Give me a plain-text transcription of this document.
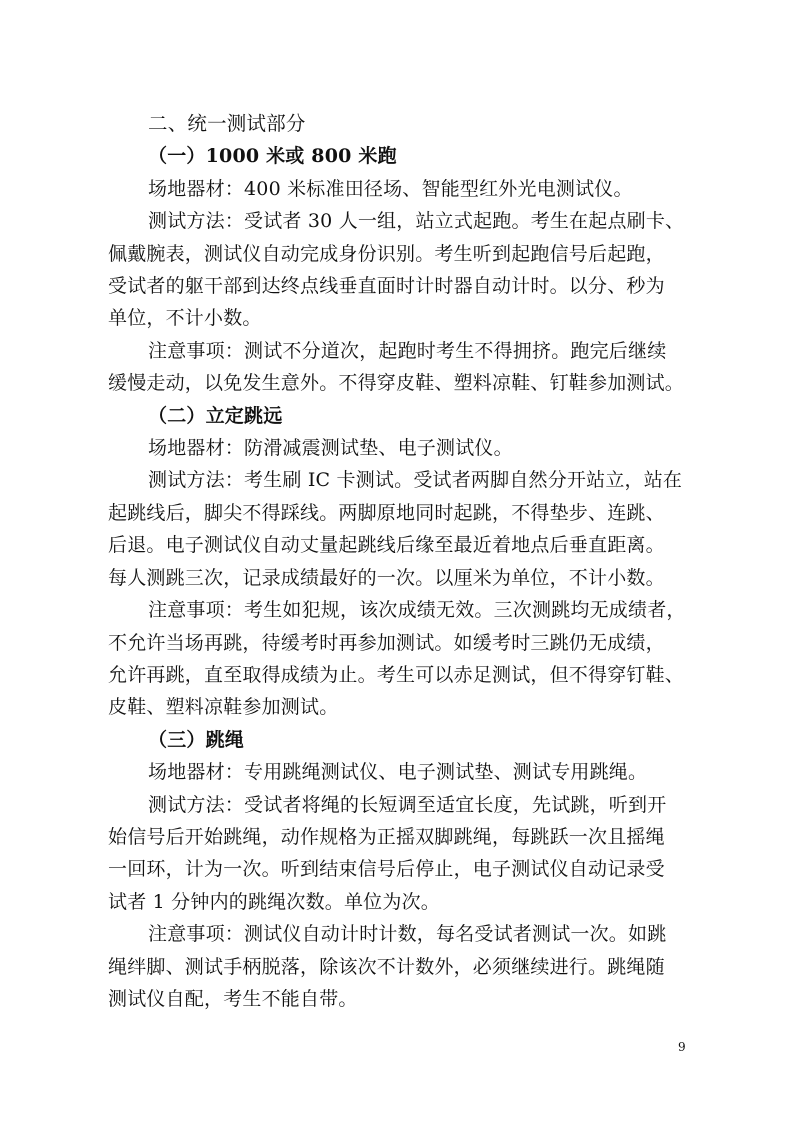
二、统一测试部分
（一）1000 米或 800 米跑
场地器材：400 米标准田径场、智能型红外光电测试仪。
测试方法：受试者 30 人一组，站立式起跑。考生在起点刷卡、
佩戴腕表，测试仪自动完成身份识别。考生听到起跑信号后起跑，
受试者的躯干部到达终点线垂直面时计时器自动计时。以分、秒为
单位，不计小数。
注意事项：测试不分道次，起跑时考生不得拥挤。跑完后继续
缓慢走动，以免发生意外。不得穿皮鞋、塑料凉鞋、钉鞋参加测试。
（二）立定跳远
场地器材：防滑减震测试垫、电子测试仪。
测试方法：考生刷 IC 卡测试。受试者两脚自然分开站立，站在
起跳线后，脚尖不得踩线。两脚原地同时起跳，不得垫步、连跳、
后退。电子测试仪自动丈量起跳线后缘至最近着地点后垂直距离。
每人测跳三次，记录成绩最好的一次。以厘米为单位，不计小数。
注意事项：考生如犯规，该次成绩无效。三次测跳均无成绩者，
不允许当场再跳，待缓考时再参加测试。如缓考时三跳仍无成绩，
允许再跳，直至取得成绩为止。考生可以赤足测试，但不得穿钉鞋、
皮鞋、塑料凉鞋参加测试。
（三）跳绳
场地器材：专用跳绳测试仪、电子测试垫、测试专用跳绳。
测试方法：受试者将绳的长短调至适宜长度，先试跳，听到开
始信号后开始跳绳，动作规格为正摇双脚跳绳，每跳跃一次且摇绳
一回环，计为一次。听到结束信号后停止，电子测试仪自动记录受
试者 1 分钟内的跳绳次数。单位为次。
注意事项：测试仪自动计时计数，每名受试者测试一次。如跳
绳绊脚、测试手柄脱落，除该次不计数外，必须继续进行。跳绳随
测试仪自配，考生不能自带。
9
